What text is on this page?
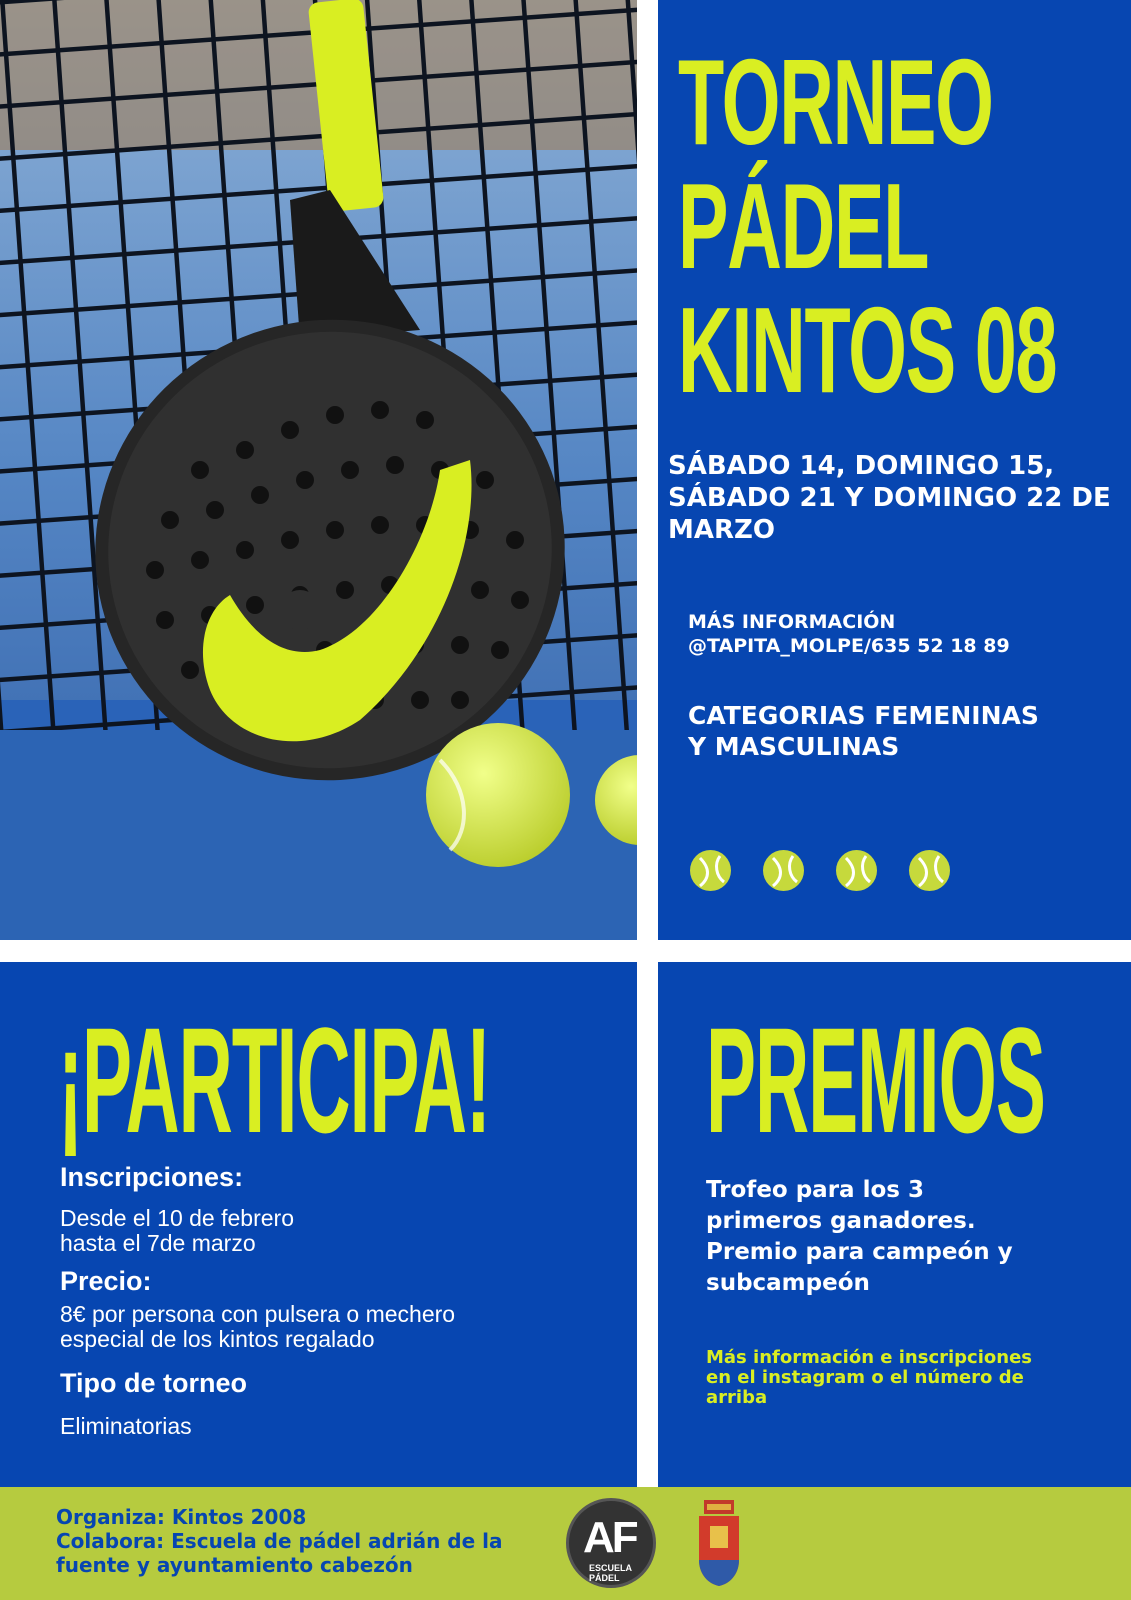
TORNEO
PÁDEL
KINTOS 08
SÁBADO 14, DOMINGO 15, SÁBADO 21 Y DOMINGO 22 DE MARZO
MÁS INFORMACIÓN
@TAPITA_MOLPE/635 52 18 89
CATEGORIAS FEMENINAS
Y MASCULINAS
¡PARTICIPA!
Inscripciones:
Desde el 10 de febrero
hasta el 7de marzo
Precio:
8€ por persona con pulsera o mechero
especial de los kintos regalado
Tipo de torneo
Eliminatorias
PREMIOS
Trofeo para los 3
primeros ganadores.
Premio para campeón y
subcampeón
Más información e inscripciones en el instagram o el número de arriba
Organiza: Kintos 2008
Colabora: Escuela de pádel adrián de la
fuente y ayuntamiento cabezón
AF
ESCUELA PÁDEL
